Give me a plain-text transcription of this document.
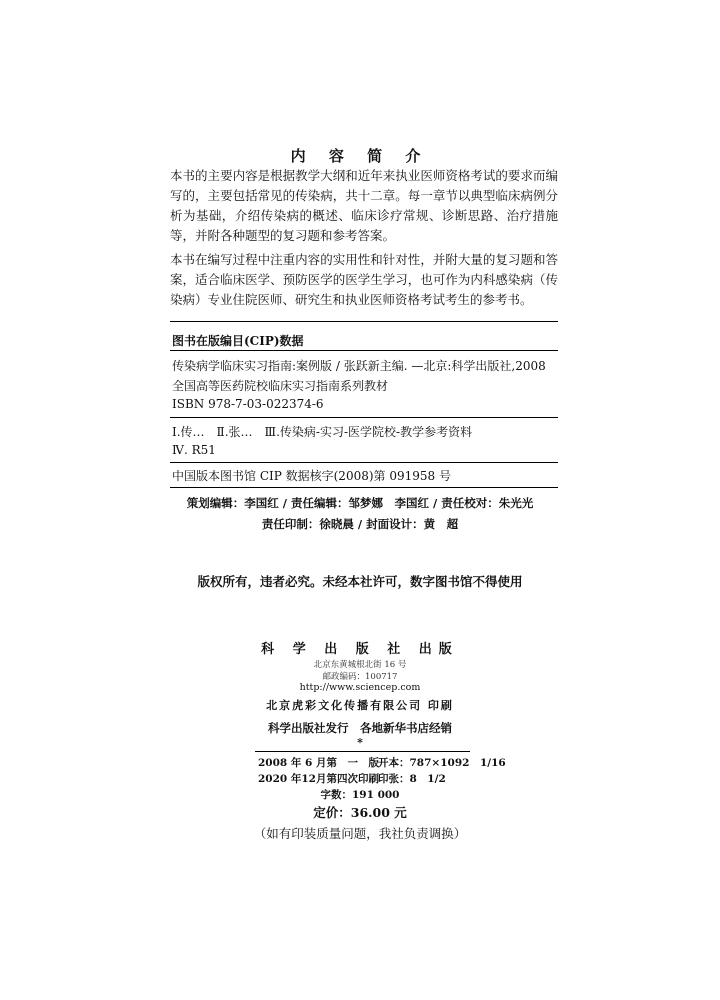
内 容 简 介

本书的主要内容是根据教学大纲和近年来执业医师资格考试的要求而编写的，主要包括常见的传染病，共十二章。每一章节以典型临床病例分析为基础，介绍传染病的概述、临床诊疗常规、诊断思路、治疗措施等，并附各种题型的复习题和参考答案。

本书在编写过程中注重内容的实用性和针对性，并附大量的复习题和答案，适合临床医学、预防医学的医学生学习，也可作为内科感染病（传染病）专业住院医师、研究生和执业医师资格考试考生的参考书。

图书在版编目(CIP)数据
传染病学临床实习指南:案例版 / 张跃新主编. —北京:科学出版社,2008
全国高等医药院校临床实习指南系列教材
ISBN 978-7-03-022374-6
Ⅰ.传…　Ⅱ.张…　Ⅲ.传染病-实习-医学院校-教学参考资料
Ⅳ. R51
中国版本图书馆 CIP 数据核字(2008)第 091958 号
策划编辑：李国红 / 责任编辑：邹梦娜　李国红 / 责任校对：朱光光
责任印制：徐晓晨 / 封面设计：黄　超
版权所有，违者必究。未经本社许可，数字图书馆不得使用
科 学 出 版 社 出版
北京东黄城根北街 16 号
邮政编码：100717
http://www.sciencep.com
北京虎彩文化传播有限公司 印刷
科学出版社发行　各地新华书店经销
*
2008 年 6 月第　一　版 开本：787×1092　1/16
2020 年12月第四次印刷 印张：8　1/2
字数：191 000
定价：36.00 元
（如有印装质量问题，我社负责调换）
